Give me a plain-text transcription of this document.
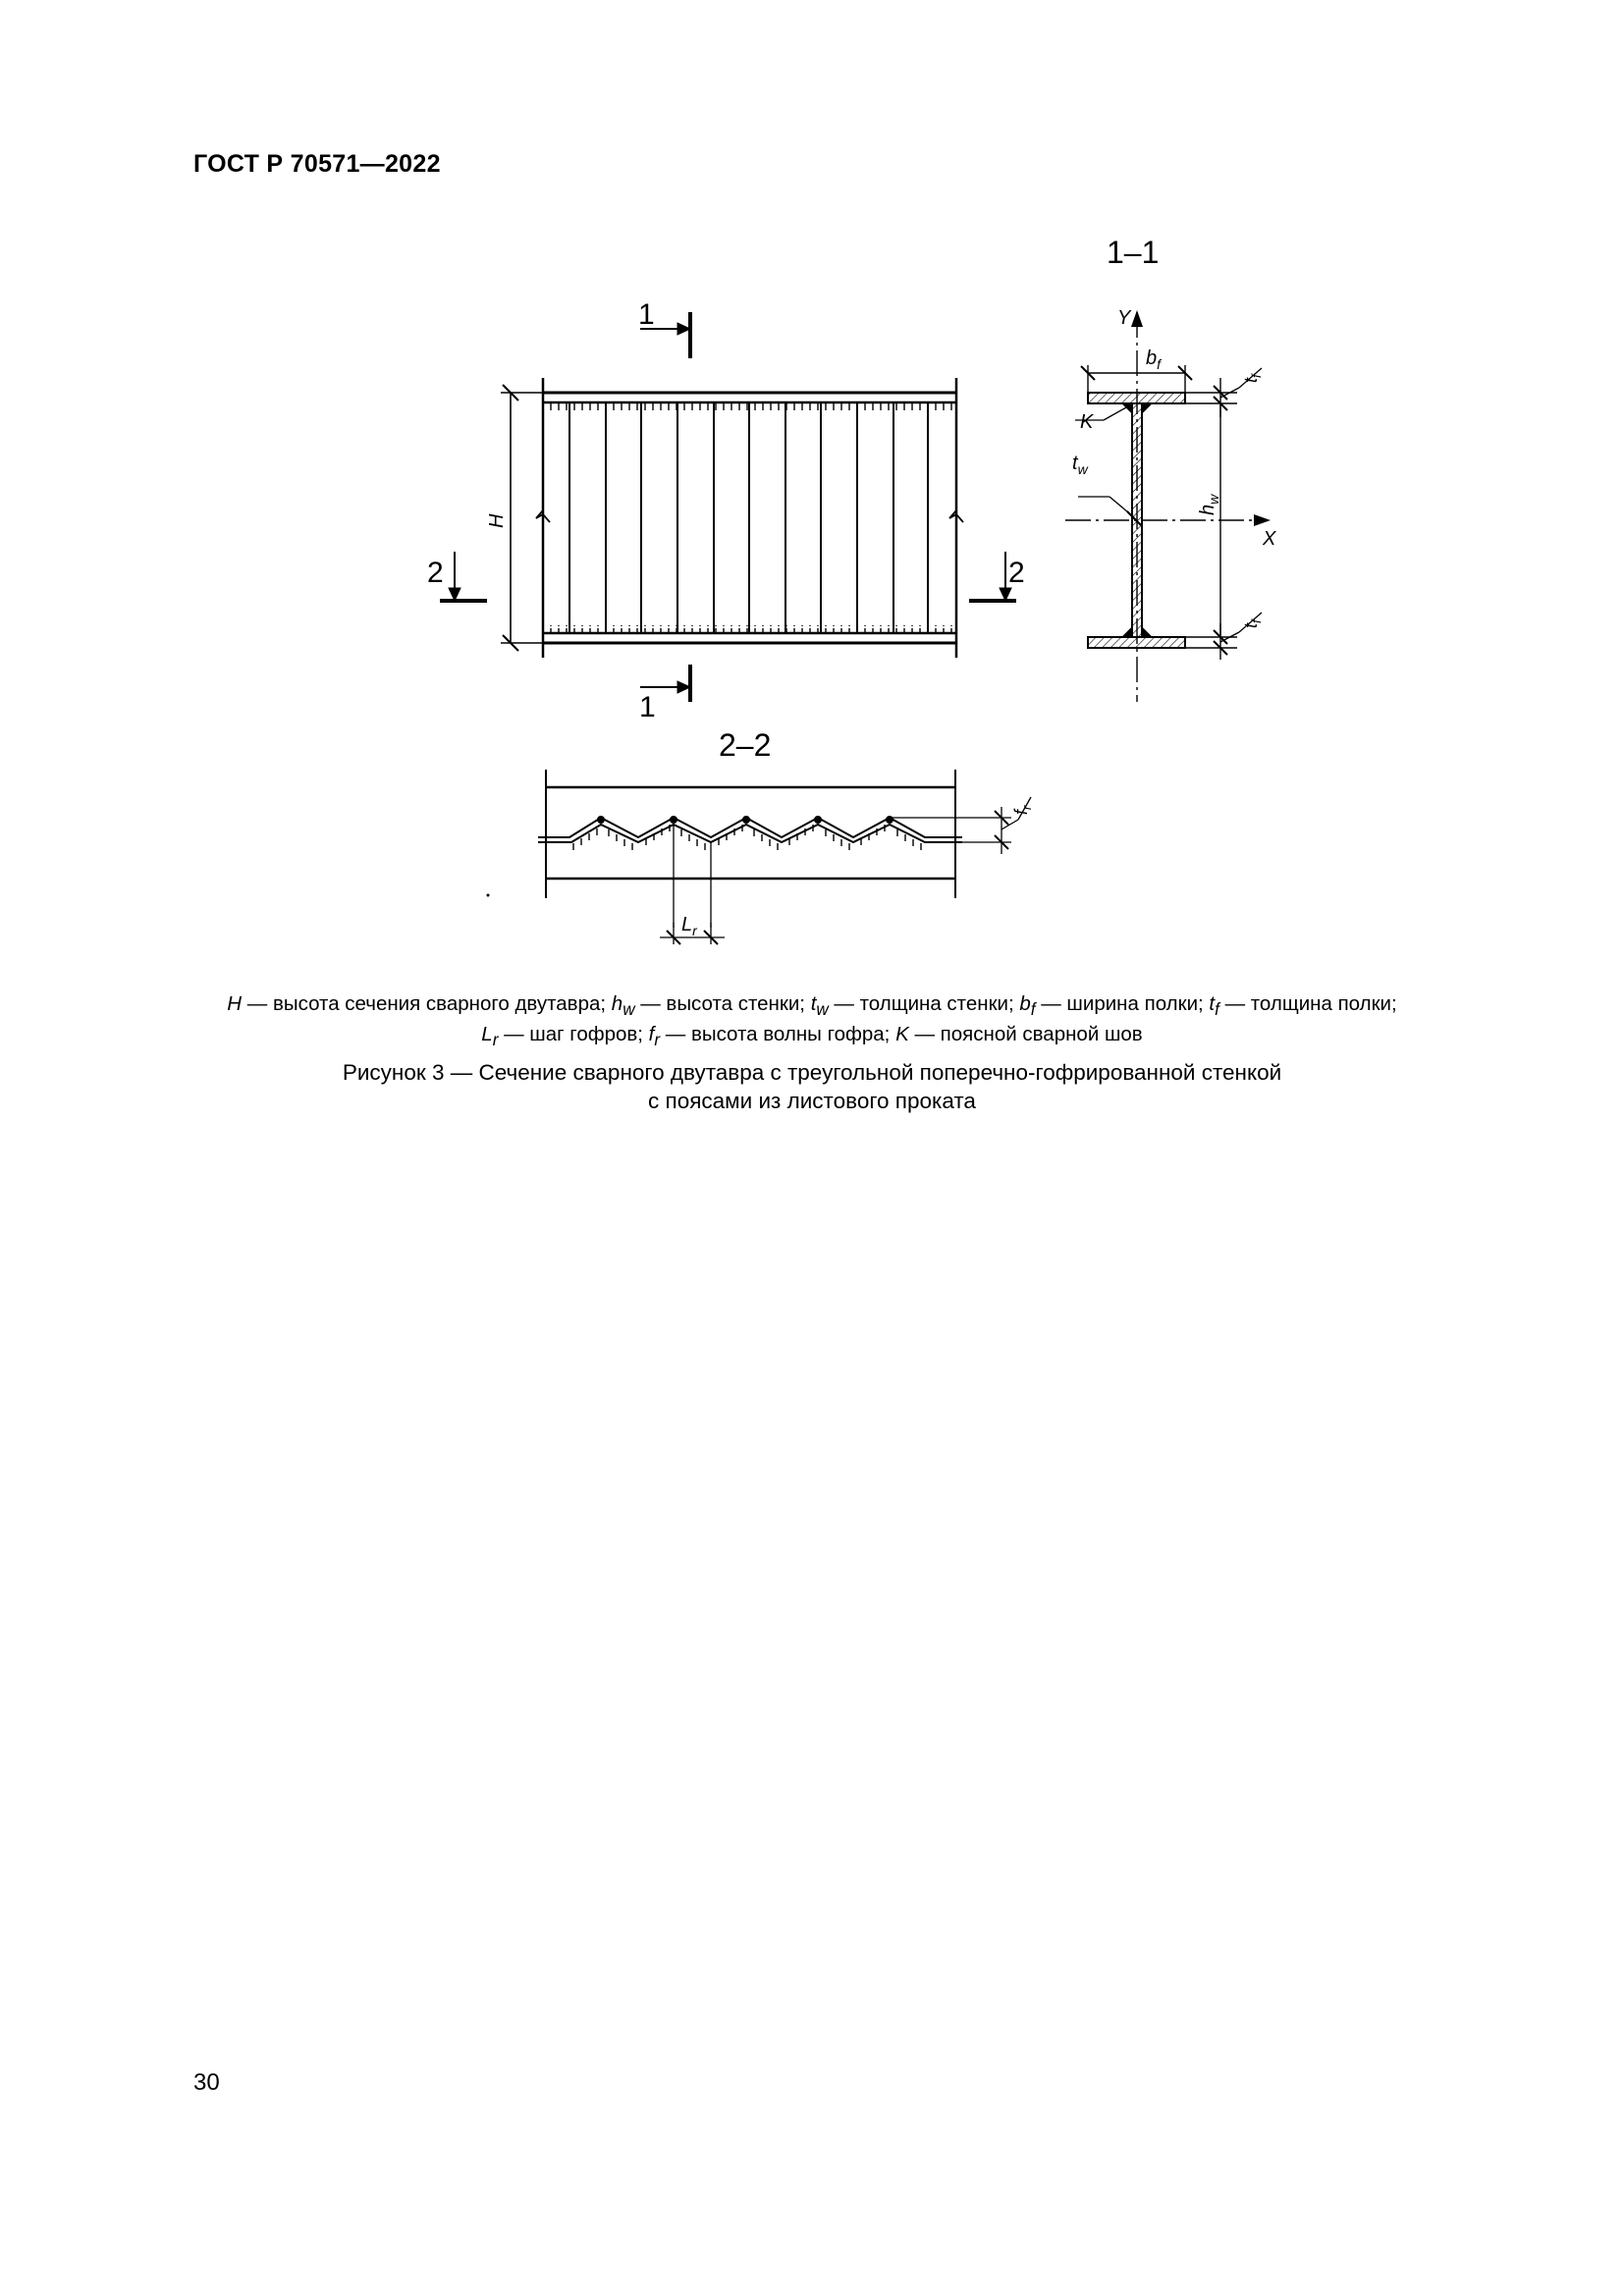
ГОСТ Р 70571—2022
H
1
1
2	2
1–1
Y
X
K
$b_f$
$t_w$
$h_w$
$t_f$
$t_f$
2–2
$f_r$
$L_r$
H — высота сечения сварного двутавра; $h_w$ — высота стенки; $t_w$ — толщина стенки; $b_f$ — ширина полки; $t_f$ — толщина полки;
$L_r$ — шаг гофров; $f_r$ — высота волны гофра; K — поясной сварной шов
Рисунок 3 — Сечение сварного двутавра с треугольной поперечно-гофрированной стенкой
с поясами из листового проката
30
